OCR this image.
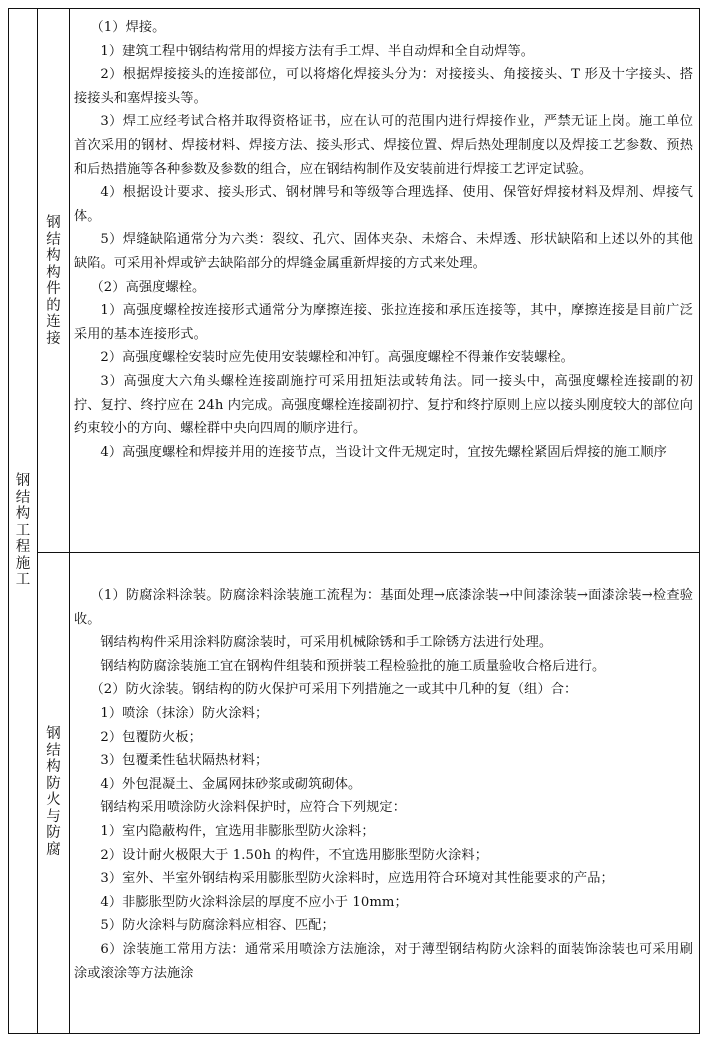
钢
结
构
工
程
施
工
钢
结
构
构
件
的
连
接
钢
结
构
防
火
与
防
腐

（1）焊接。

1）建筑工程中钢结构常用的焊接方法有手工焊、半自动焊和全自动焊等。

2）根据焊接接头的连接部位，可以将熔化焊接头分为：对接接头、角接接头、T 形及十字接头、搭接接头和塞焊接头等。

3）焊工应经考试合格并取得资格证书，应在认可的范围内进行焊接作业，严禁无证上岗。施工单位首次采用的钢材、焊接材料、焊接方法、接头形式、焊接位置、焊后热处理制度以及焊接工艺参数、预热和后热措施等各种参数及参数的组合，应在钢结构制作及安装前进行焊接工艺评定试验。

4）根据设计要求、接头形式、钢材牌号和等级等合理选择、使用、保管好焊接材料及焊剂、焊接气体。

5）焊缝缺陷通常分为六类：裂纹、孔穴、固体夹杂、未熔合、未焊透、形状缺陷和上述以外的其他缺陷。可采用补焊或铲去缺陷部分的焊缝金属重新焊接的方式来处理。

（2）高强度螺栓。

1）高强度螺栓按连接形式通常分为摩擦连接、张拉连接和承压连接等，其中，摩擦连接是目前广泛采用的基本连接形式。

2）高强度螺栓安装时应先使用安装螺栓和冲钉。高强度螺栓不得兼作安装螺栓。

3）高强度大六角头螺栓连接副施拧可采用扭矩法或转角法。同一接头中，高强度螺栓连接副的初拧、复拧、终拧应在 24h 内完成。高强度螺栓连接副初拧、复拧和终拧原则上应以接头刚度较大的部位向约束较小的方向、螺栓群中央向四周的顺序进行。

4）高强度螺栓和焊接并用的连接节点，当设计文件无规定时，宜按先螺栓紧固后焊接的施工顺序

（1）防腐涂料涂装。防腐涂料涂装施工流程为：基面处理→底漆涂装→中间漆涂装→面漆涂装→检查验收。

钢结构构件采用涂料防腐涂装时，可采用机械除锈和手工除锈方法进行处理。

钢结构防腐涂装施工宜在钢构件组装和预拼装工程检验批的施工质量验收合格后进行。

（2）防火涂装。钢结构的防火保护可采用下列措施之一或其中几种的复（组）合：

1）喷涂（抹涂）防火涂料；

2）包覆防火板；

3）包覆柔性毡状隔热材料；

4）外包混凝土、金属网抹砂浆或砌筑砌体。

钢结构采用喷涂防火涂料保护时，应符合下列规定：

1）室内隐蔽构件，宜选用非膨胀型防火涂料；

2）设计耐火极限大于 1.50h 的构件，不宜选用膨胀型防火涂料；

3）室外、半室外钢结构采用膨胀型防火涂料时，应选用符合环境对其性能要求的产品；

4）非膨胀型防火涂料涂层的厚度不应小于 10mm；

5）防火涂料与防腐涂料应相容、匹配；

6）涂装施工常用方法：通常采用喷涂方法施涂，对于薄型钢结构防火涂料的面装饰涂装也可采用刷涂或滚涂等方法施涂
